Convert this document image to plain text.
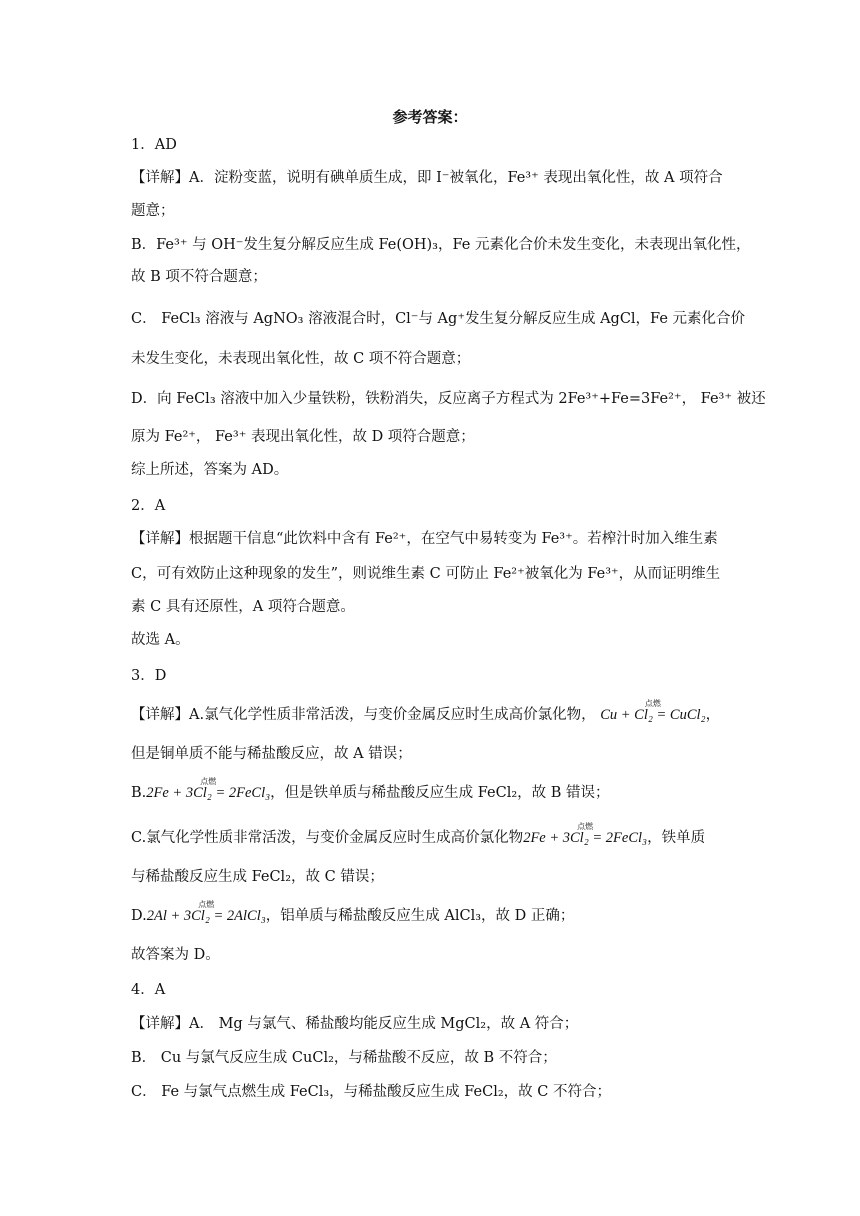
参考答案：
1．AD
【详解】A．淀粉变蓝，说明有碘单质生成，即 I⁻被氧化，Fe³⁺ 表现出氧化性，故 A 项符合
题意；
B．Fe³⁺ 与 OH⁻发生复分解反应生成 Fe(OH)₃，Fe 元素化合价未发生变化，未表现出氧化性，
故 B 项不符合题意；
C． FeCl₃ 溶液与 AgNO₃ 溶液混合时，Cl⁻与 Ag⁺发生复分解反应生成 AgCl，Fe 元素化合价
未发生变化，未表现出氧化性，故 C 项不符合题意；
D．向 FeCl₃ 溶液中加入少量铁粉，铁粉消失，反应离子方程式为 2Fe³⁺+Fe=3Fe²⁺， Fe³⁺ 被还
原为 Fe²⁺， Fe³⁺ 表现出氧化性，故 D 项符合题意；
综上所述，答案为 AD。
2．A
【详解】根据题干信息“此饮料中含有 Fe²⁺，在空气中易转变为 Fe³⁺。若榨汁时加入维生素
C，可有效防止这种现象的发生”，则说维生素 C 可防止 Fe²⁺被氧化为 Fe³⁺，从而证明维生
素 C 具有还原性，A 项符合题意。
故选 A。
3．D
【详解】A.氯气化学性质非常活泼，与变价金属反应时生成高价氯化物，
点燃
Cu + Cl₂ = CuCl₂，
但是铜单质不能与稀盐酸反应，故 A 错误；
B.
点燃
2Fe + 3Cl₂ = 2FeCl₃，但是铁单质与稀盐酸反应生成 FeCl₂，故 B 错误；
C.氯气化学性质非常活泼，与变价金属反应时生成高价氯化物
点燃
2Fe + 3Cl₂ = 2FeCl₃，铁单质
与稀盐酸反应生成 FeCl₂，故 C 错误；
D.
点燃
2Al + 3Cl₂ = 2AlCl₃，铝单质与稀盐酸反应生成 AlCl₃，故 D 正确；
故答案为 D。
4．A
【详解】A． Mg 与氯气、稀盐酸均能反应生成 MgCl₂，故 A 符合；
B． Cu 与氯气反应生成 CuCl₂，与稀盐酸不反应，故 B 不符合；
C． Fe 与氯气点燃生成 FeCl₃，与稀盐酸反应生成 FeCl₂，故 C 不符合；
